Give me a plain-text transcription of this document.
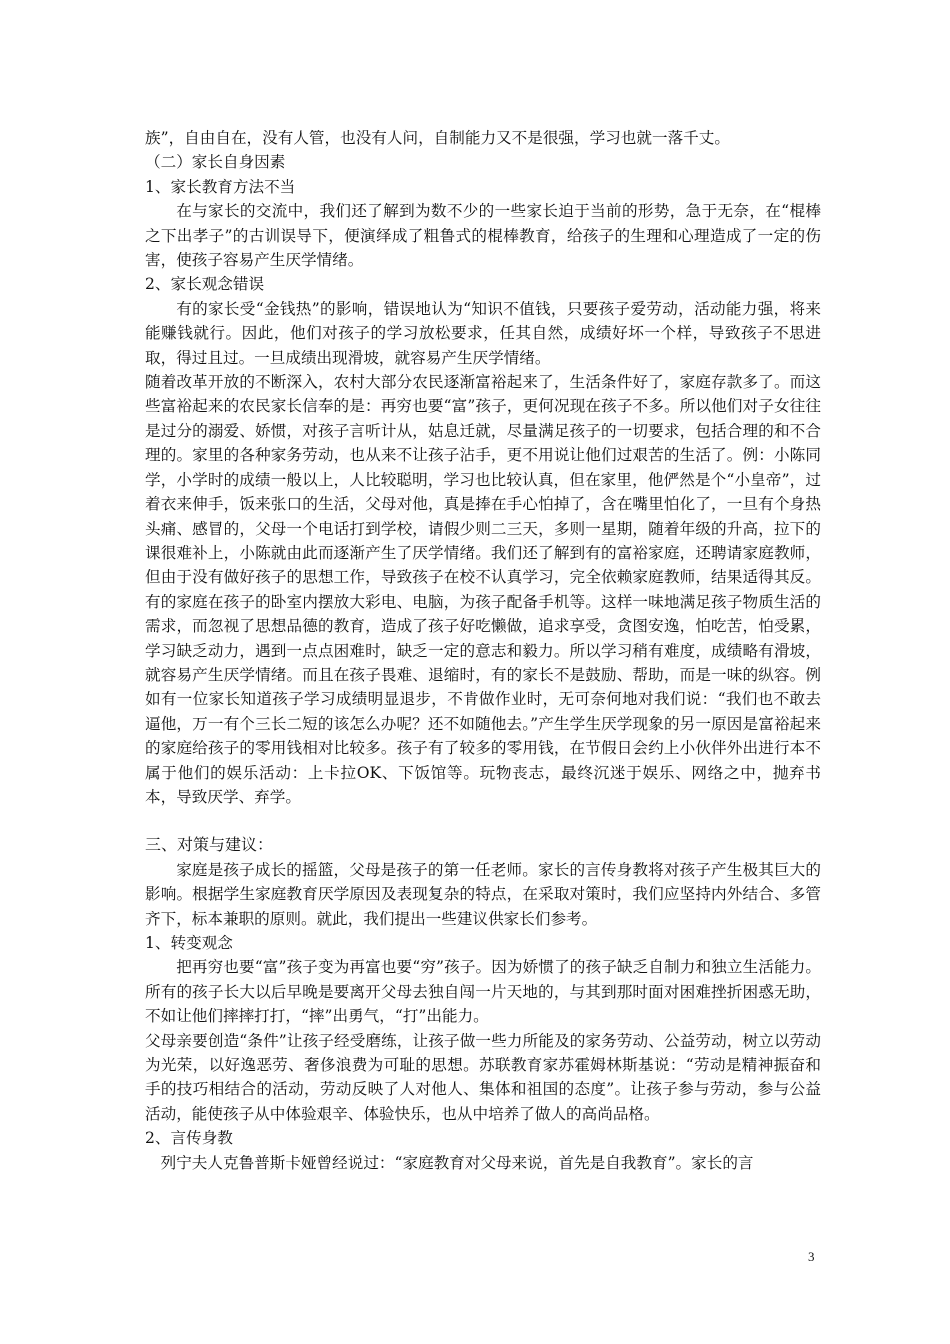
族”，自由自在，没有人管，也没有人问，自制能力又不是很强，学习也就一落千丈。

（二）家长自身因素

1、家长教育方法不当

在与家长的交流中，我们还了解到为数不少的一些家长迫于当前的形势，急于无奈，在“棍棒之下出孝子”的古训误导下，便演绎成了粗鲁式的棍棒教育，给孩子的生理和心理造成了一定的伤害，使孩子容易产生厌学情绪。

2、家长观念错误

有的家长受“金钱热”的影响，错误地认为“知识不值钱，只要孩子爱劳动，活动能力强，将来能赚钱就行。因此，他们对孩子的学习放松要求，任其自然，成绩好坏一个样，导致孩子不思进取，得过且过。一旦成绩出现滑坡，就容易产生厌学情绪。

随着改革开放的不断深入，农村大部分农民逐渐富裕起来了，生活条件好了，家庭存款多了。而这些富裕起来的农民家长信奉的是：再穷也要“富”孩子，更何况现在孩子不多。所以他们对子女往往是过分的溺爱、娇惯，对孩子言听计从，姑息迁就，尽量满足孩子的一切要求，包括合理的和不合理的。家里的各种家务劳动，也从来不让孩子沾手，更不用说让他们过艰苦的生活了。例：小陈同学，小学时的成绩一般以上，人比较聪明，学习也比较认真，但在家里，他俨然是个“小皇帝”，过着衣来伸手，饭来张口的生活，父母对他，真是捧在手心怕掉了，含在嘴里怕化了，一旦有个身热头痛、感冒的，父母一个电话打到学校，请假少则二三天，多则一星期，随着年级的升高，拉下的课很难补上，小陈就由此而逐渐产生了厌学情绪。我们还了解到有的富裕家庭，还聘请家庭教师，但由于没有做好孩子的思想工作，导致孩子在校不认真学习，完全依赖家庭教师，结果适得其反。有的家庭在孩子的卧室内摆放大彩电、电脑，为孩子配备手机等。这样一味地满足孩子物质生活的需求，而忽视了思想品德的教育，造成了孩子好吃懒做，追求享受，贪图安逸，怕吃苦，怕受累，学习缺乏动力，遇到一点点困难时，缺乏一定的意志和毅力。所以学习稍有难度，成绩略有滑坡，就容易产生厌学情绪。而且在孩子畏难、退缩时，有的家长不是鼓励、帮助，而是一味的纵容。例如有一位家长知道孩子学习成绩明显退步，不肯做作业时，无可奈何地对我们说：“我们也不敢去逼他，万一有个三长二短的该怎么办呢？还不如随他去。”产生学生厌学现象的另一原因是富裕起来的家庭给孩子的零用钱相对比较多。孩子有了较多的零用钱，在节假日会约上小伙伴外出进行本不属于他们的娱乐活动：上卡拉OK、下饭馆等。玩物丧志，最终沉迷于娱乐、网络之中，抛弃书本，导致厌学、弃学。

三、对策与建议：

家庭是孩子成长的摇篮，父母是孩子的第一任老师。家长的言传身教将对孩子产生极其巨大的影响。根据学生家庭教育厌学原因及表现复杂的特点，在采取对策时，我们应坚持内外结合、多管齐下，标本兼职的原则。就此，我们提出一些建议供家长们参考。

1、转变观念

把再穷也要“富”孩子变为再富也要“穷”孩子。因为娇惯了的孩子缺乏自制力和独立生活能力。所有的孩子长大以后早晚是要离开父母去独自闯一片天地的，与其到那时面对困难挫折困惑无助，不如让他们摔摔打打，“摔”出勇气，“打”出能力。

父母亲要创造“条件”让孩子经受磨练，让孩子做一些力所能及的家务劳动、公益劳动，树立以劳动为光荣，以好逸恶劳、奢侈浪费为可耻的思想。苏联教育家苏霍姆林斯基说：“劳动是精神振奋和手的技巧相结合的活动，劳动反映了人对他人、集体和祖国的态度”。让孩子参与劳动，参与公益活动，能使孩子从中体验艰辛、体验快乐，也从中培养了做人的高尚品格。

2、言传身教

列宁夫人克鲁普斯卡娅曾经说过：“家庭教育对父母来说，首先是自我教育”。家长的言

3
